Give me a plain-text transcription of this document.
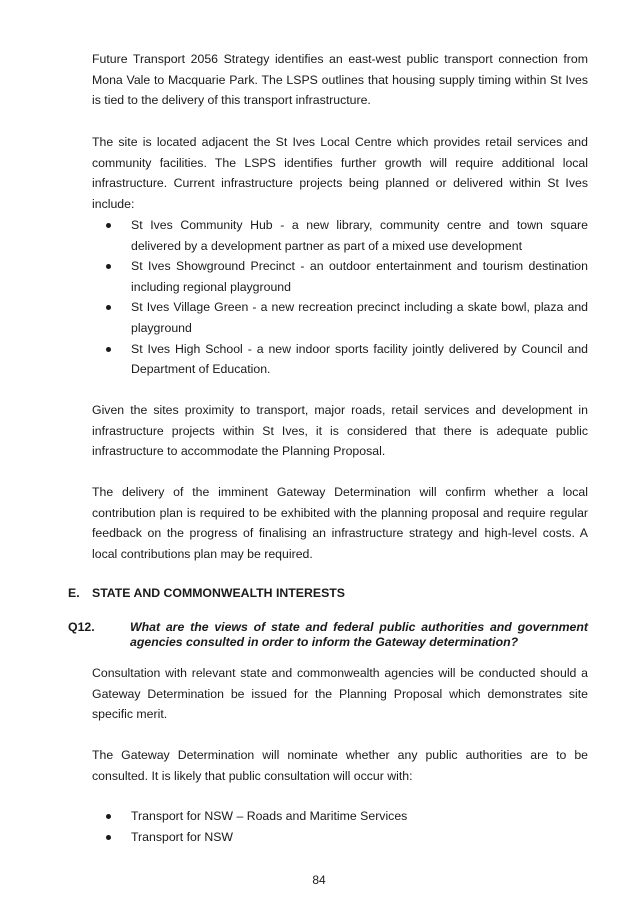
Future Transport 2056 Strategy identifies an east-west public transport connection from Mona Vale to Macquarie Park. The LSPS outlines that housing supply timing within St Ives is tied to the delivery of this transport infrastructure.

The site is located adjacent the St Ives Local Centre which provides retail services and community facilities. The LSPS identifies further growth will require additional local infrastructure. Current infrastructure projects being planned or delivered within St Ives include:

St Ives Community Hub - a new library, community centre and town square delivered by a development partner as part of a mixed use development
St Ives Showground Precinct - an outdoor entertainment and tourism destination including regional playground
St Ives Village Green - a new recreation precinct including a skate bowl, plaza and playground
St Ives High School - a new indoor sports facility jointly delivered by Council and Department of Education.

Given the sites proximity to transport, major roads, retail services and development in infrastructure projects within St Ives, it is considered that there is adequate public infrastructure to accommodate the Planning Proposal.

The delivery of the imminent Gateway Determination will confirm whether a local contribution plan is required to be exhibited with the planning proposal and require regular feedback on the progress of finalising an infrastructure strategy and high-level costs. A local contributions plan may be required.

E. STATE AND COMMONWEALTH INTERESTS
Q12.	What are the views of state and federal public authorities and government agencies consulted in order to inform the Gateway determination?

Consultation with relevant state and commonwealth agencies will be conducted should a Gateway Determination be issued for the Planning Proposal which demonstrates site specific merit.

The Gateway Determination will nominate whether any public authorities are to be consulted. It is likely that public consultation will occur with:

Transport for NSW – Roads and Maritime Services
Transport for NSW
84
